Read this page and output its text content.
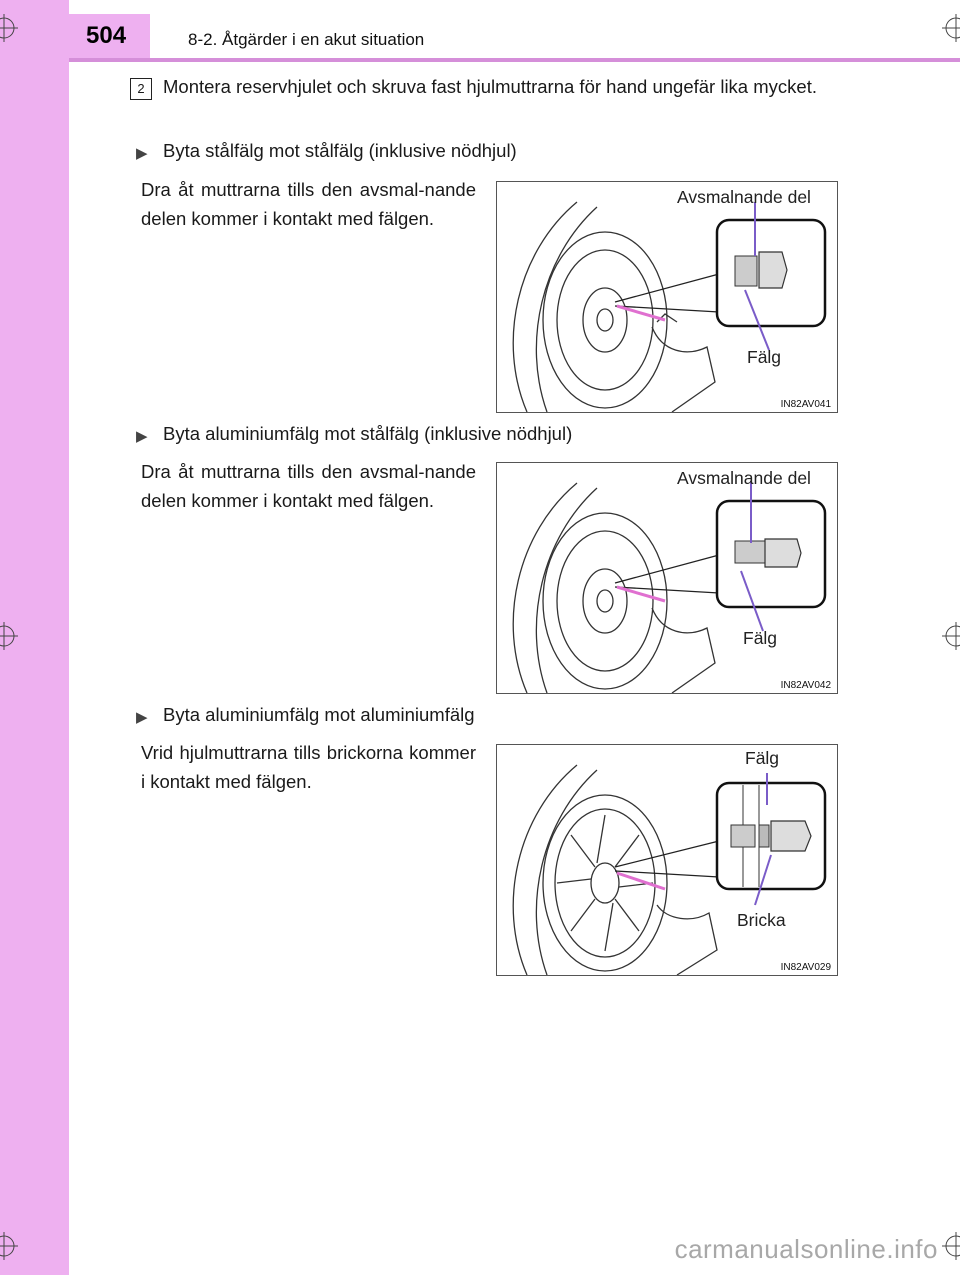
504	8-2. Åtgärder i en akut situation
2 Montera reservhjulet och skruva fast hjulmuttrarna för hand ungefär lika mycket.
▶ Byta stålfälg mot stålfälg (inklusive nödhjul)
Dra åt muttrarna tills den avsmal-nande delen kommer i kontakt med fälgen.
Avsmalnande del
Fälg
IN82AV041
▶ Byta aluminiumfälg mot stålfälg (inklusive nödhjul)
Dra åt muttrarna tills den avsmal-nande delen kommer i kontakt med fälgen.
Avsmalnande del
Fälg
IN82AV042
▶ Byta aluminiumfälg mot aluminiumfälg
Vrid hjulmuttrarna tills brickorna kommer i kontakt med fälgen.
Fälg
Bricka
IN82AV029
carmanualsonline.info
